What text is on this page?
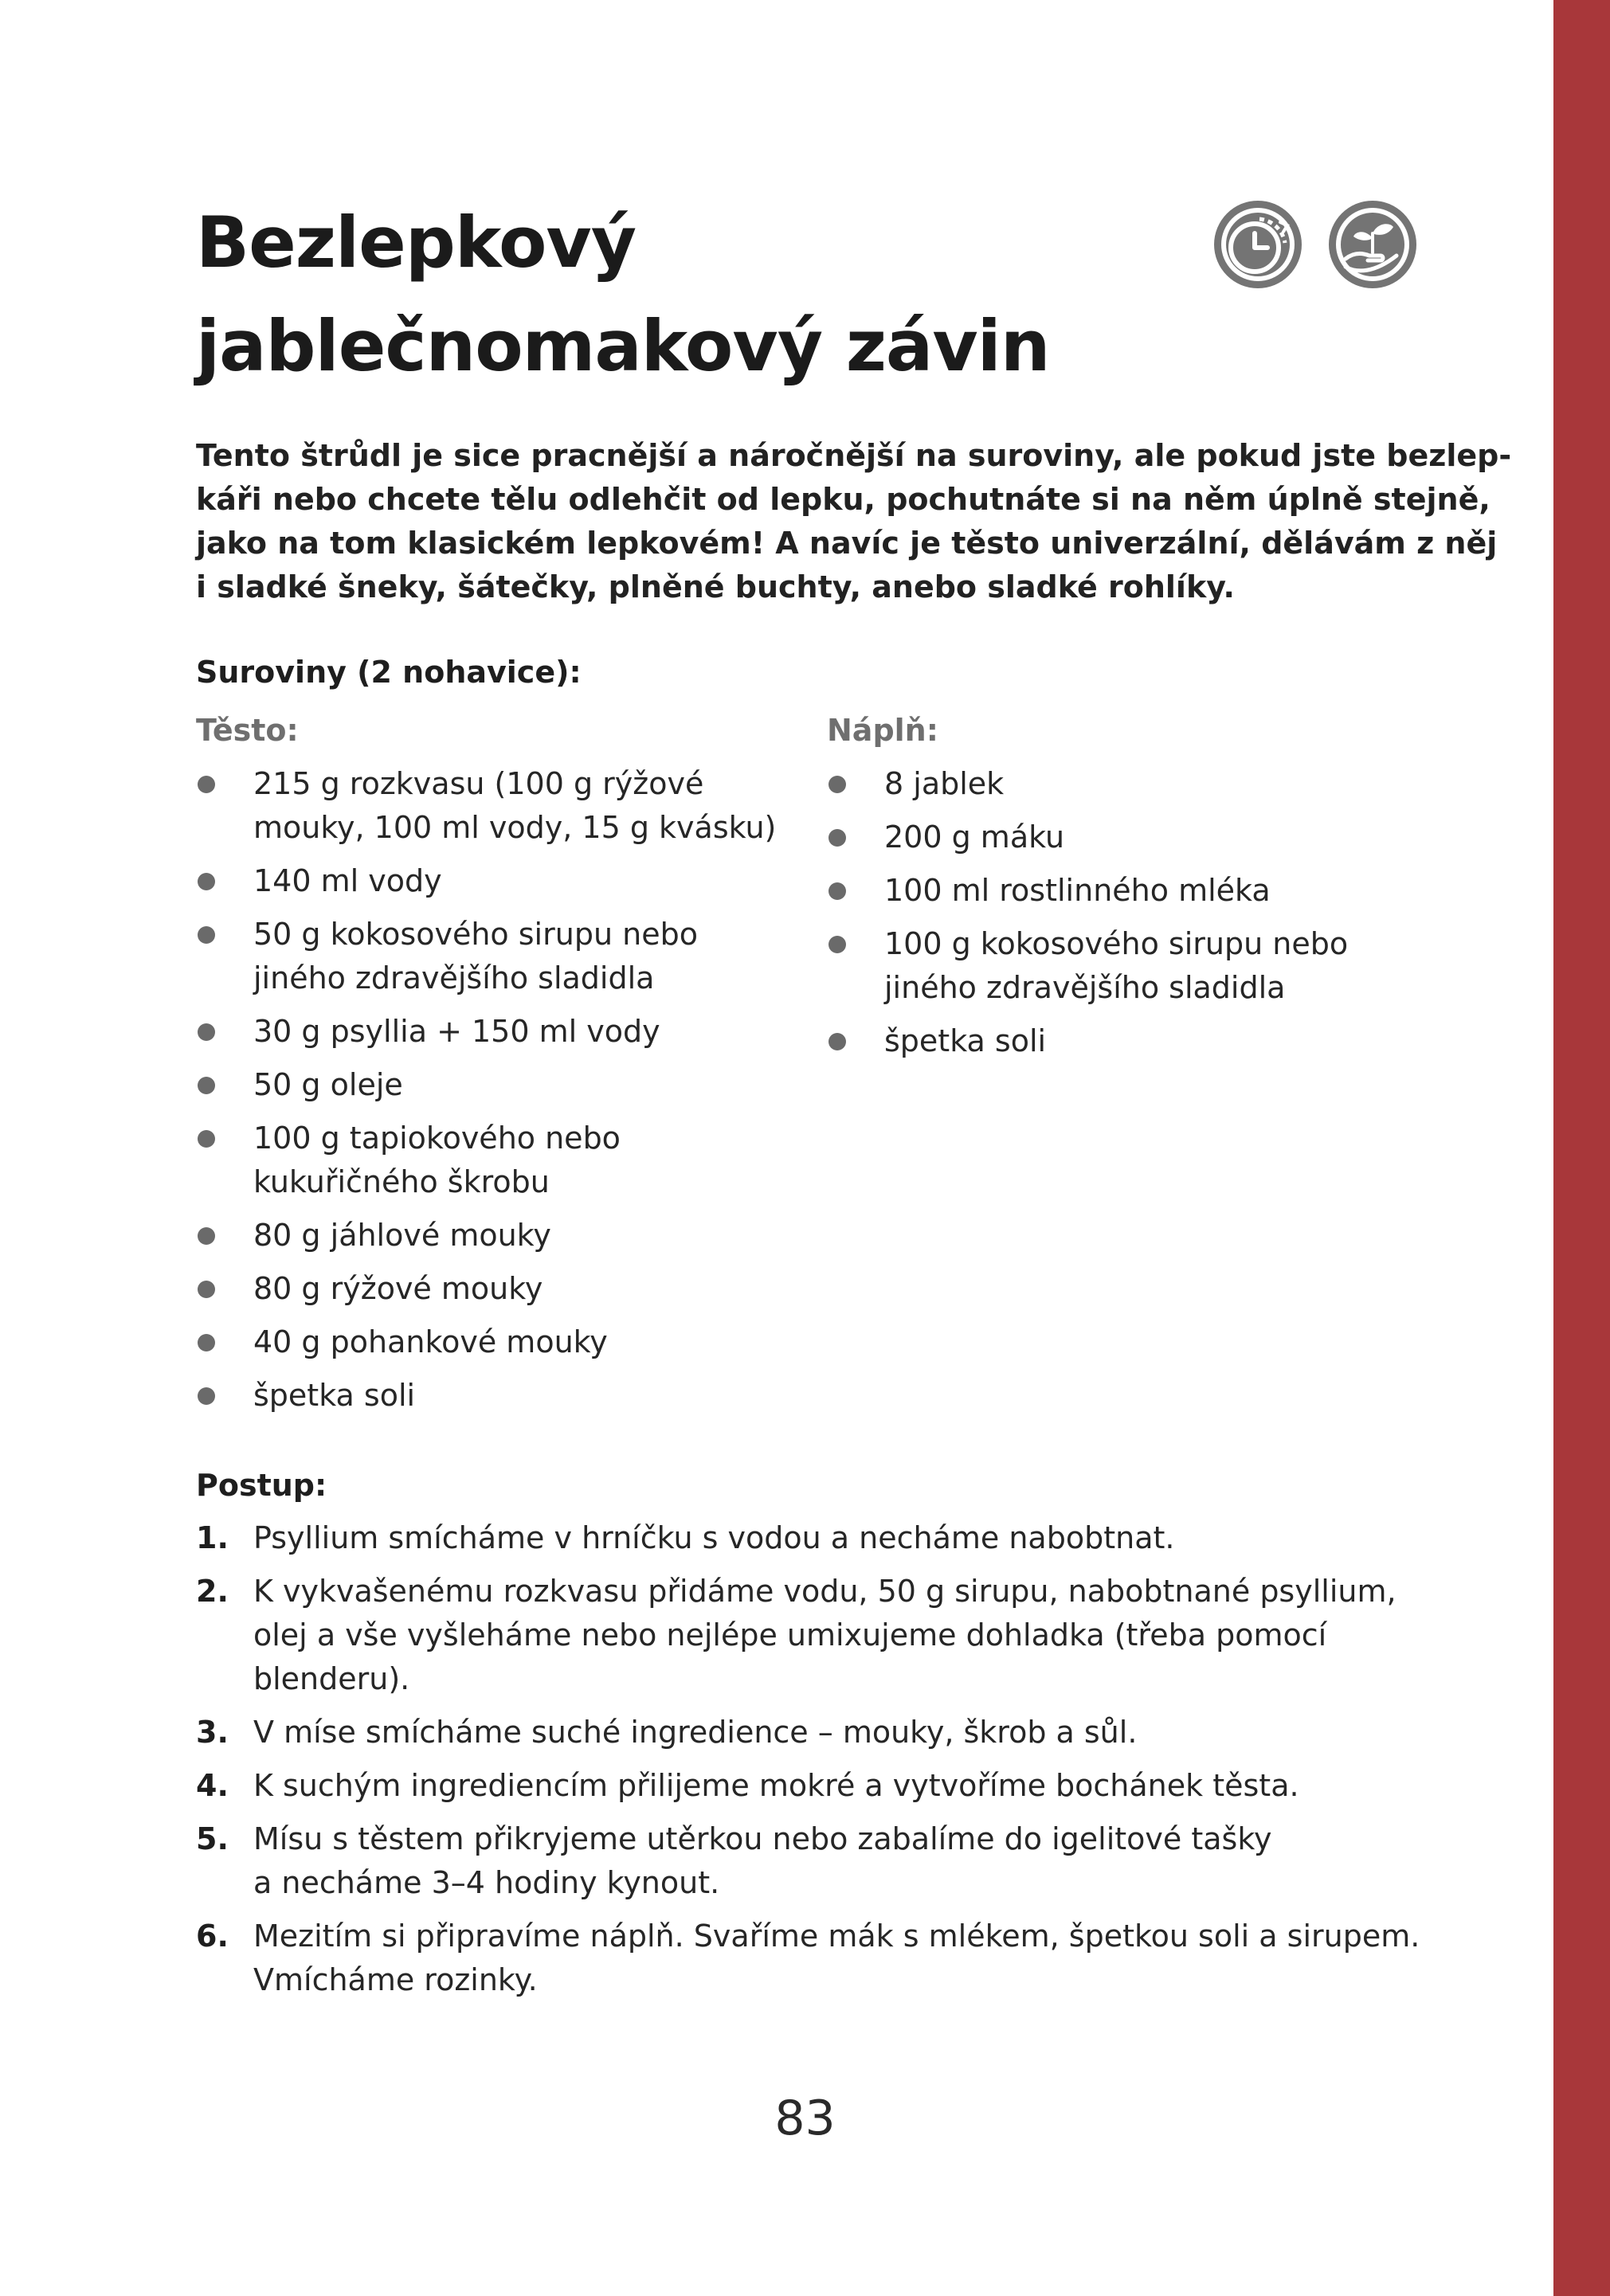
Bezlepkový
jablečnomakový závin

Tento štrůdl je sice pracnější a náročnější na suroviny, ale pokud jste bezlep-
káři nebo chcete tělu odlehčit od lepku, pochutnáte si na něm úplně stejně,
jako na tom klasickém lepkovém! A navíc je těsto univerzální, dělávám z něj
i sladké šneky, šátečky, plněné buchty, anebo sladké rohlíky.

Suroviny (2 nohavice):
Těsto:	Náplň:
215 g rozkvasu (100 g rýžové
mouky, 100 ml vody, 15 g kvásku)
140 ml vody
50 g kokosového sirupu nebo
jiného zdravějšího sladidla
30 g psyllia + 150 ml vody
50 g oleje
100 g tapiokového nebo
kukuřičného škrobu
80 g jáhlové mouky
80 g rýžové mouky
40 g pohankové mouky
špetka soli
8 jablek
200 g máku
100 ml rostlinného mléka
100 g kokosového sirupu nebo
jiného zdravějšího sladidla
špetka soli
Postup:
1. Psyllium smícháme v hrníčku s vodou a necháme nabobtnat.
2. K vykvašenému rozkvasu přidáme vodu, 50 g sirupu, nabobtnané psyllium,
olej a vše vyšleháme nebo nejlépe umixujeme dohladka (třeba pomocí
blenderu).
3. V míse smícháme suché ingredience – mouky, škrob a sůl.
4. K suchým ingrediencím přilijeme mokré a vytvoříme bochánek těsta.
5. Mísu s těstem přikryjeme utěrkou nebo zabalíme do igelitové tašky
a necháme 3–4 hodiny kynout.
6. Mezitím si připravíme náplň. Svaříme mák s mlékem, špetkou soli a sirupem.
Vmícháme rozinky.

83
